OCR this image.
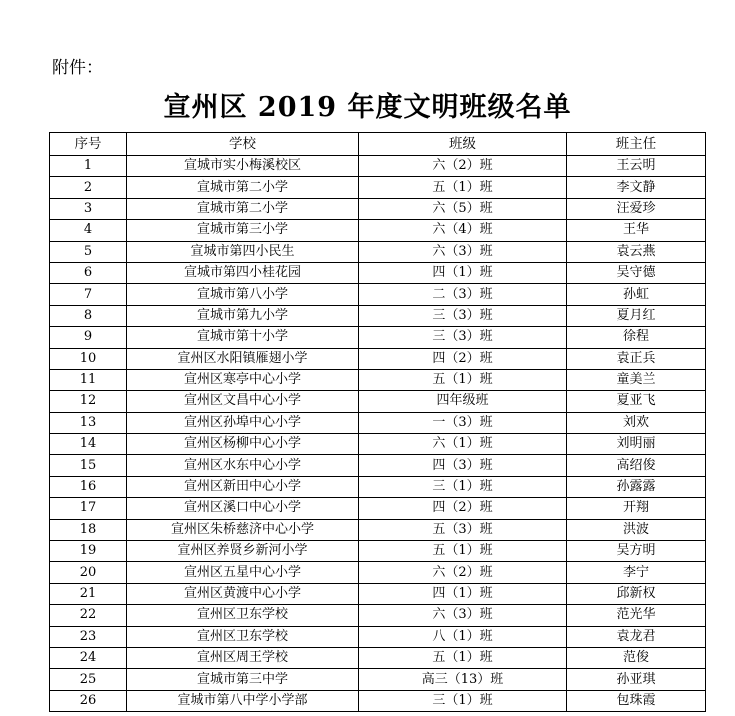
附件：

宣州区 2019 年度文明班级名单
序号	学校	班级	班主任
1	宣城市实小梅溪校区	六（2）班	王云明
2	宣城市第二小学	五（1）班	李文静
3	宣城市第二小学	六（5）班	汪爱珍
4	宣城市第三小学	六（4）班	王华
5	宣城市第四小民生	六（3）班	袁云燕
6	宣城市第四小桂花园	四（1）班	吴守德
7	宣城市第八小学	二（3）班	孙虹
8	宣城市第九小学	三（3）班	夏月红
9	宣城市第十小学	三（3）班	徐程
10	宣州区水阳镇雁翅小学	四（2）班	袁正兵
11	宣州区寒亭中心小学	五（1）班	童美兰
12	宣州区文昌中心小学	四年级班	夏亚飞
13	宣州区孙埠中心小学	一（3）班	刘欢
14	宣州区杨柳中心小学	六（1）班	刘明丽
15	宣州区水东中心小学	四（3）班	高绍俊
16	宣州区新田中心小学	三（1）班	孙露露
17	宣州区溪口中心小学	四（2）班	开翔
18	宣州区朱桥慈济中心小学	五（3）班	洪波
19	宣州区养贤乡新河小学	五（1）班	吴方明
20	宣州区五星中心小学	六（2）班	李宁
21	宣州区黄渡中心小学	四（1）班	邱新权
22	宣州区卫东学校	六（3）班	范光华
23	宣州区卫东学校	八（1）班	袁龙君
24	宣州区周王学校	五（1）班	范俊
25	宣城市第三中学	高三（13）班	孙亚琪
26	宣城市第八中学小学部	三（1）班	包珠霞
